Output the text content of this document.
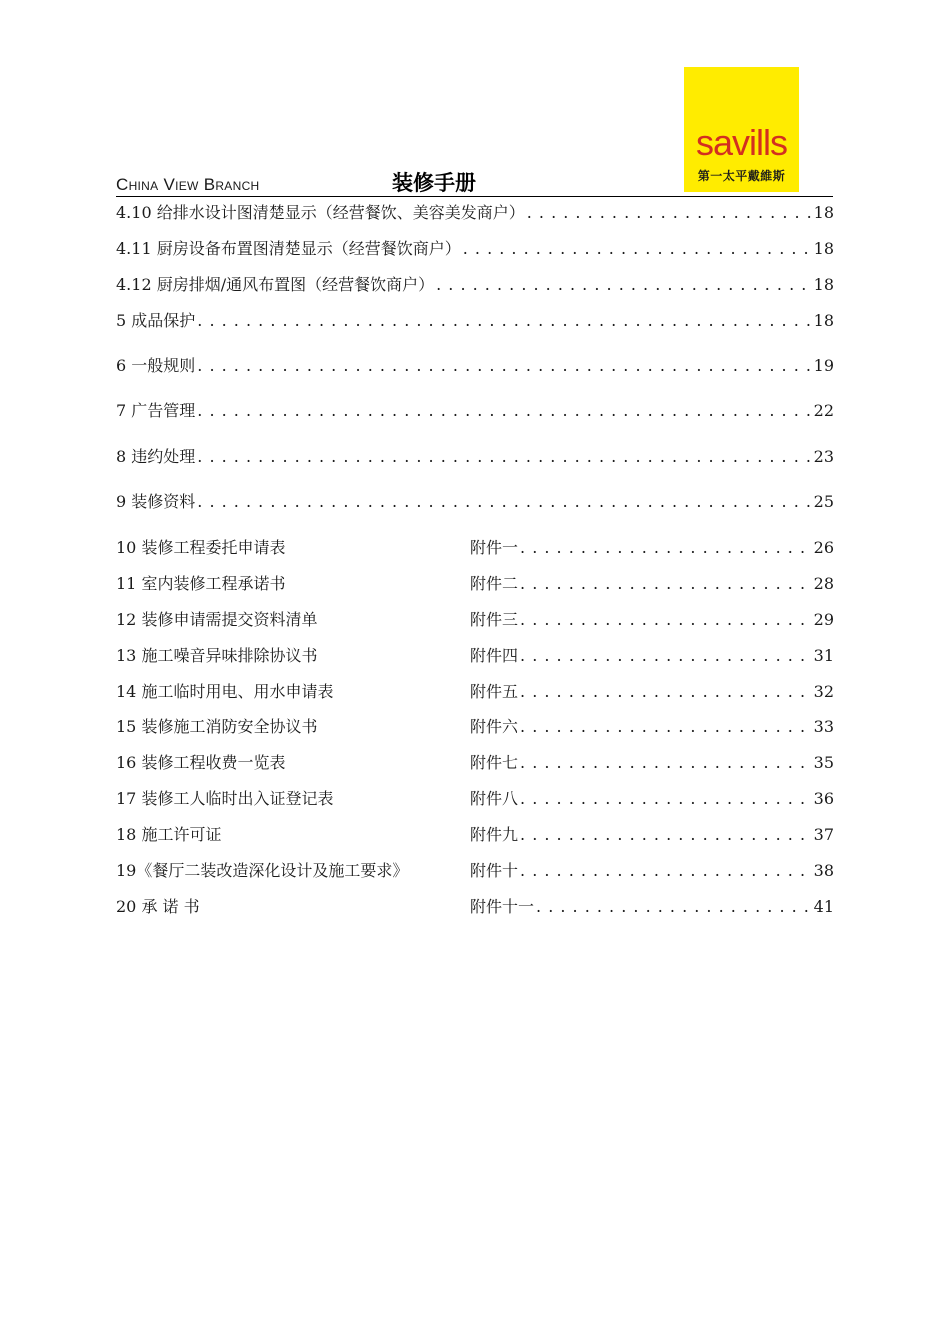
savills
第一太平戴維斯
China View Branch	装修手册
4.10 给排水设计图清楚显示（经营餐饮、美容美发商户） . . .	18
4.11 厨房设备布置图清楚显示（经营餐饮商户） . . .	18
4.12 厨房排烟/通风布置图（经营餐饮商户） . . .	18
5 成品保护 . . .	18
6 一般规则 . . .	19
7 广告管理 . . .	22
8 违约处理 . . .	23
9 装修资料 . . .	25
10 装修工程委托申请表	附件一 . . .	26
11 室内装修工程承诺书	附件二 . . .	28
12 装修申请需提交资料清单	附件三 . . .	29
13 施工噪音异味排除协议书	附件四 . . .	31
14 施工临时用电、用水申请表	附件五 . . .	32
15 装修施工消防安全协议书	附件六 . . .	33
16 装修工程收费一览表	附件七 . . .	35
17 装修工人临时出入证登记表	附件八 . . .	36
18 施工许可证	附件九 . . .	37
19《餐厅二装改造深化设计及施工要求》	附件十 . . .	38
20 承 诺 书	附件十一 . . .	41
